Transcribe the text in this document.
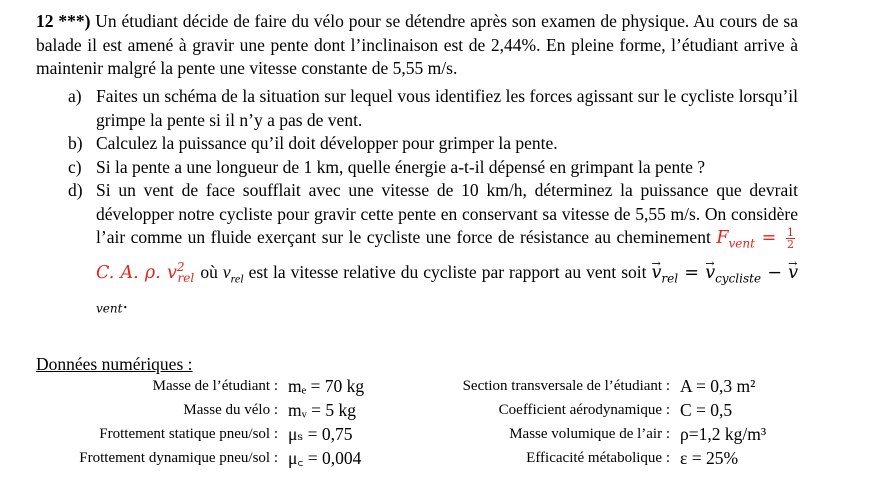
12 ***) Un étudiant décide de faire du vélo pour se détendre après son examen de physique. Au cours de sa balade il est amené à gravir une pente dont l’inclinaison est de 2,44%. En pleine forme, l’étudiant arrive à maintenir malgré la pente une vitesse constante de 5,55 m/s.
a) Faites un schéma de la situation sur lequel vous identifiez les forces agissant sur le cycliste lorsqu’il grimpe la pente si il n’y a pas de vent.
b) Calculez la puissance qu’il doit développer pour grimper la pente.
c) Si la pente a une longueur de 1 km, quelle énergie a-t-il dépensé en grimpant la pente ?
d) Si un vent de face soufflait avec une vitesse de 10 km/h, déterminez la puissance que devrait développer notre cycliste pour gravir cette pente en conservant sa vitesse de 5,55 m/s. On considère l’air comme un fluide exerçant sur le cycliste une force de résistance au cheminement $F_{vent} = \frac{1}{2}$
C. A. ρ. $v^2_{rel}$ où $v_{rel}$ est la vitesse relative du cycliste par rapport au vent soit → $v_{rel}$ = → $v_{cycliste}$ − → $v_{vent}$.
Données numériques :
Masse de l’étudiant : mₑ = 70 kg
Masse du vélo : mᵥ = 5 kg
Frottement statique pneu/sol : μₛ = 0,75
Frottement dynamique pneu/sol : μ꜀ = 0,004
Section transversale de l’étudiant : A = 0,3 m²
Coefficient aérodynamique : C = 0,5
Masse volumique de l’air : ρ=1,2 kg/m³
Efficacité métabolique : ε = 25%
